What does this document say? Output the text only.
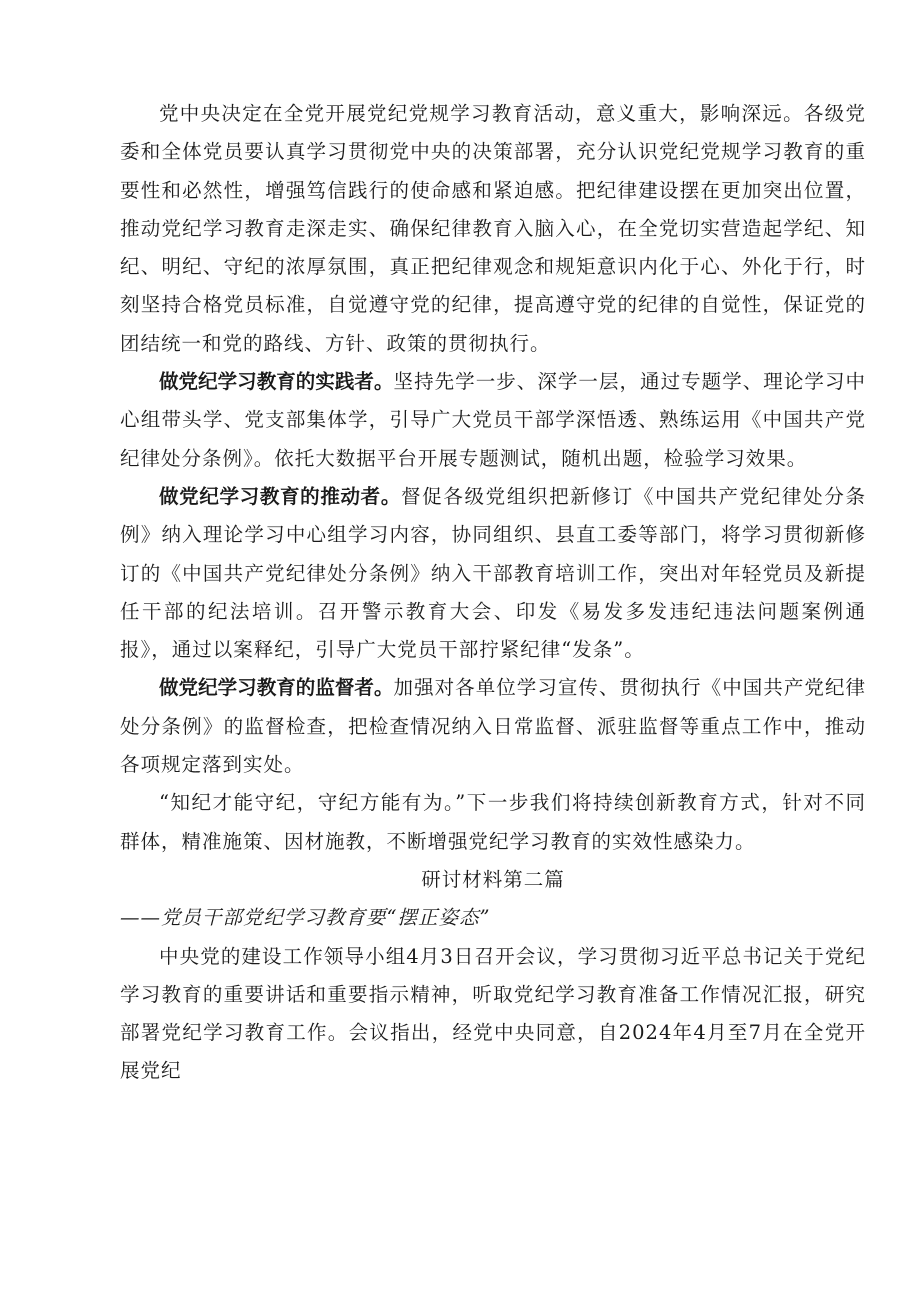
党中央决定在全党开展党纪党规学习教育活动，意义重大，影响深远。各级党委和全体党员要认真学习贯彻党中央的决策部署，充分认识党纪党规学习教育的重要性和必然性，增强笃信践行的使命感和紧迫感。把纪律建设摆在更加突出位置，推动党纪学习教育走深走实、确保纪律教育入脑入心，在全党切实营造起学纪、知纪、明纪、守纪的浓厚氛围，真正把纪律观念和规矩意识内化于心、外化于行，时刻坚持合格党员标准，自觉遵守党的纪律，提高遵守党的纪律的自觉性，保证党的团结统一和党的路线、方针、政策的贯彻执行。

做党纪学习教育的实践者。坚持先学一步、深学一层，通过专题学、理论学习中心组带头学、党支部集体学，引导广大党员干部学深悟透、熟练运用《中国共产党纪律处分条例》。依托大数据平台开展专题测试，随机出题，检验学习效果。

做党纪学习教育的推动者。督促各级党组织把新修订《中国共产党纪律处分条例》纳入理论学习中心组学习内容，协同组织、县直工委等部门，将学习贯彻新修订的《中国共产党纪律处分条例》纳入干部教育培训工作，突出对年轻党员及新提任干部的纪法培训。召开警示教育大会、印发《易发多发违纪违法问题案例通报》，通过以案释纪，引导广大党员干部拧紧纪律“发条”。

做党纪学习教育的监督者。加强对各单位学习宣传、贯彻执行《中国共产党纪律处分条例》的监督检查，把检查情况纳入日常监督、派驻监督等重点工作中，推动各项规定落到实处。

“知纪才能守纪，守纪方能有为。”下一步我们将持续创新教育方式，针对不同群体，精准施策、因材施教，不断增强党纪学习教育的实效性感染力。

研讨材料第二篇

——党员干部党纪学习教育要“摆正姿态”

中央党的建设工作领导小组4月3日召开会议，学习贯彻习近平总书记关于党纪学习教育的重要讲话和重要指示精神，听取党纪学习教育准备工作情况汇报，研究部署党纪学习教育工作。会议指出，经党中央同意，自2024年4月至7月在全党开展党纪
